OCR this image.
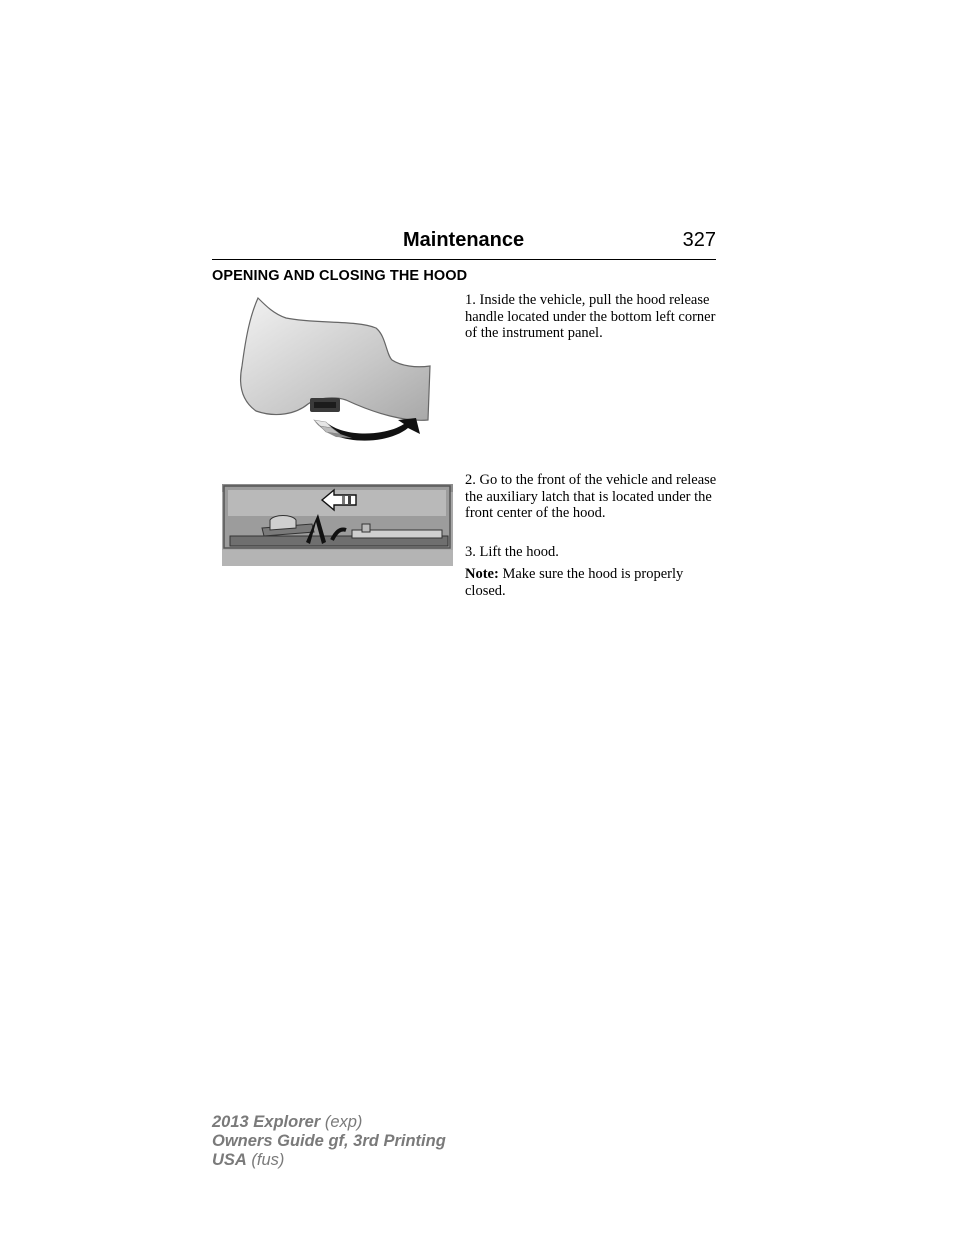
Maintenance	327
OPENING AND CLOSING THE HOOD
1. Inside the vehicle, pull the hood release handle located under the bottom left corner of the instrument panel.
2. Go to the front of the vehicle and release the auxiliary latch that is located under the front center of the hood.
3. Lift the hood.
Note: Make sure the hood is properly closed.
2013 Explorer (exp)
Owners Guide gf, 3rd Printing
USA (fus)
